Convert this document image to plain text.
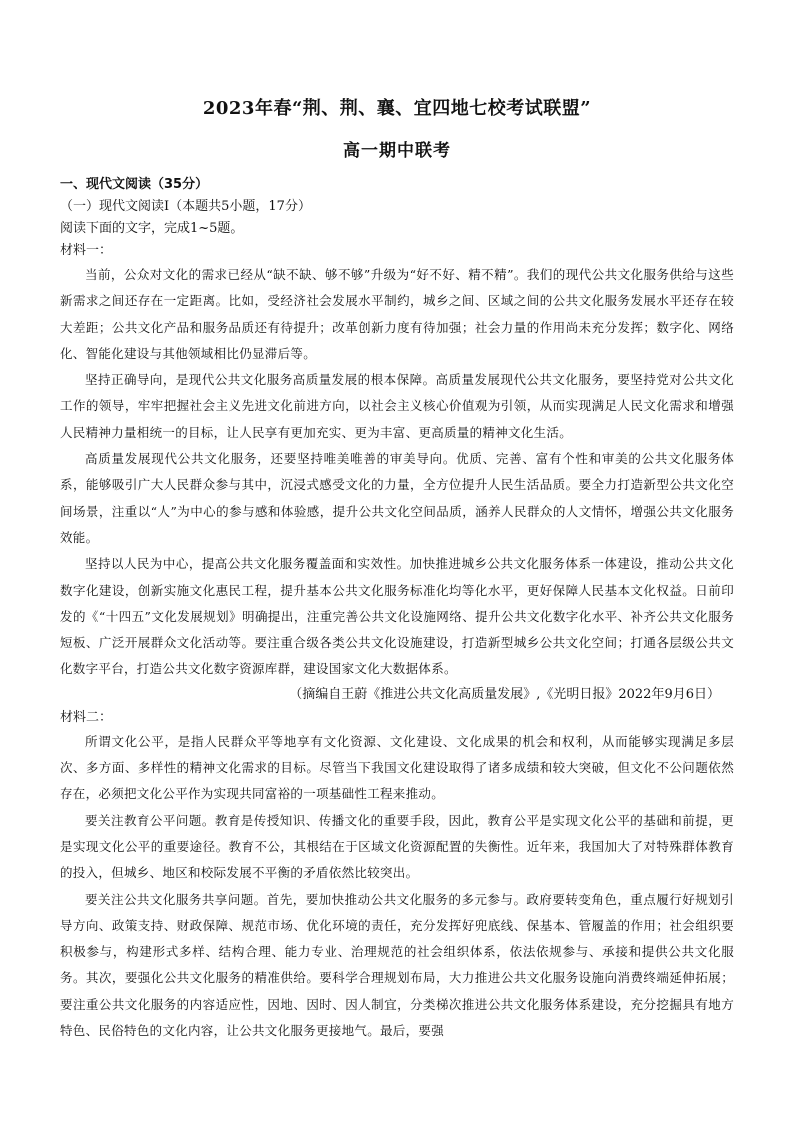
2023年春“荆、荆、襄、宜四地七校考试联盟”
高一期中联考
一、现代文阅读（35分）
（一）现代文阅读Ⅰ（本题共5小题，17分）
阅读下面的文字，完成1~5题。
材料一：

当前，公众对文化的需求已经从“缺不缺、够不够”升级为“好不好、精不精”。我们的现代公共文化服务供给与这些新需求之间还存在一定距离。比如，受经济社会发展水平制约，城乡之间、区域之间的公共文化服务发展水平还存在较大差距；公共文化产品和服务品质还有待提升；改革创新力度有待加强；社会力量的作用尚未充分发挥；数字化、网络化、智能化建设与其他领域相比仍显滞后等。

坚持正确导向，是现代公共文化服务高质量发展的根本保障。高质量发展现代公共文化服务，要坚持党对公共文化工作的领导，牢牢把握社会主义先进文化前进方向，以社会主义核心价值观为引领，从而实现满足人民文化需求和增强人民精神力量相统一的目标，让人民享有更加充实、更为丰富、更高质量的精神文化生活。

高质量发展现代公共文化服务，还要坚持唯美唯善的审美导向。优质、完善、富有个性和审美的公共文化服务体系，能够吸引广大人民群众参与其中，沉浸式感受文化的力量，全方位提升人民生活品质。要全力打造新型公共文化空间场景，注重以“人”为中心的参与感和体验感，提升公共文化空间品质，涵养人民群众的人文情怀，增强公共文化服务效能。

坚持以人民为中心，提高公共文化服务覆盖面和实效性。加快推进城乡公共文化服务体系一体建设，推动公共文化数字化建设，创新实施文化惠民工程，提升基本公共文化服务标准化均等化水平，更好保障人民基本文化权益。日前印发的《“十四五”文化发展规划》明确提出，注重完善公共文化设施网络、提升公共文化数字化水平、补齐公共文化服务短板、广泛开展群众文化活动等。要注重合级各类公共文化设施建设，打造新型城乡公共文化空间；打通各层级公共文化数字平台，打造公共文化数字资源库群，建设国家文化大数据体系。

（摘编自王蔚《推进公共文化高质量发展》,《光明日报》2022年9月6日）
材料二：

所谓文化公平，是指人民群众平等地享有文化资源、文化建设、文化成果的机会和权利，从而能够实现满足多层次、多方面、多样性的精神文化需求的目标。尽管当下我国文化建设取得了诸多成绩和较大突破，但文化不公问题依然存在，必须把文化公平作为实现共同富裕的一项基础性工程来推动。

要关注教育公平问题。教育是传授知识、传播文化的重要手段，因此，教育公平是实现文化公平的基础和前提，更是实现文化公平的重要途径。教育不公，其根结在于区域文化资源配置的失衡性。近年来，我国加大了对特殊群体教育的投入，但城乡、地区和校际发展不平衡的矛盾依然比较突出。

要关注公共文化服务共享问题。首先，要加快推动公共文化服务的多元参与。政府要转变角色，重点履行好规划引导方向、政策支持、财政保障、规范市场、优化环境的责任，充分发挥好兜底线、保基本、管履盖的作用；社会组织要积极参与，构建形式多样、结构合理、能力专业、治理规范的社会组织体系，依法依规参与、承接和提供公共文化服务。其次，要强化公共文化服务的精准供给。要科学合理规划布局，大力推进公共文化服务设施向消费终端延伸拓展；要注重公共文化服务的内容适应性，因地、因时、因人制宜，分类梯次推进公共文化服务体系建设，充分挖掘具有地方特色、民俗特色的文化内容，让公共文化服务更接地气。最后，要强
